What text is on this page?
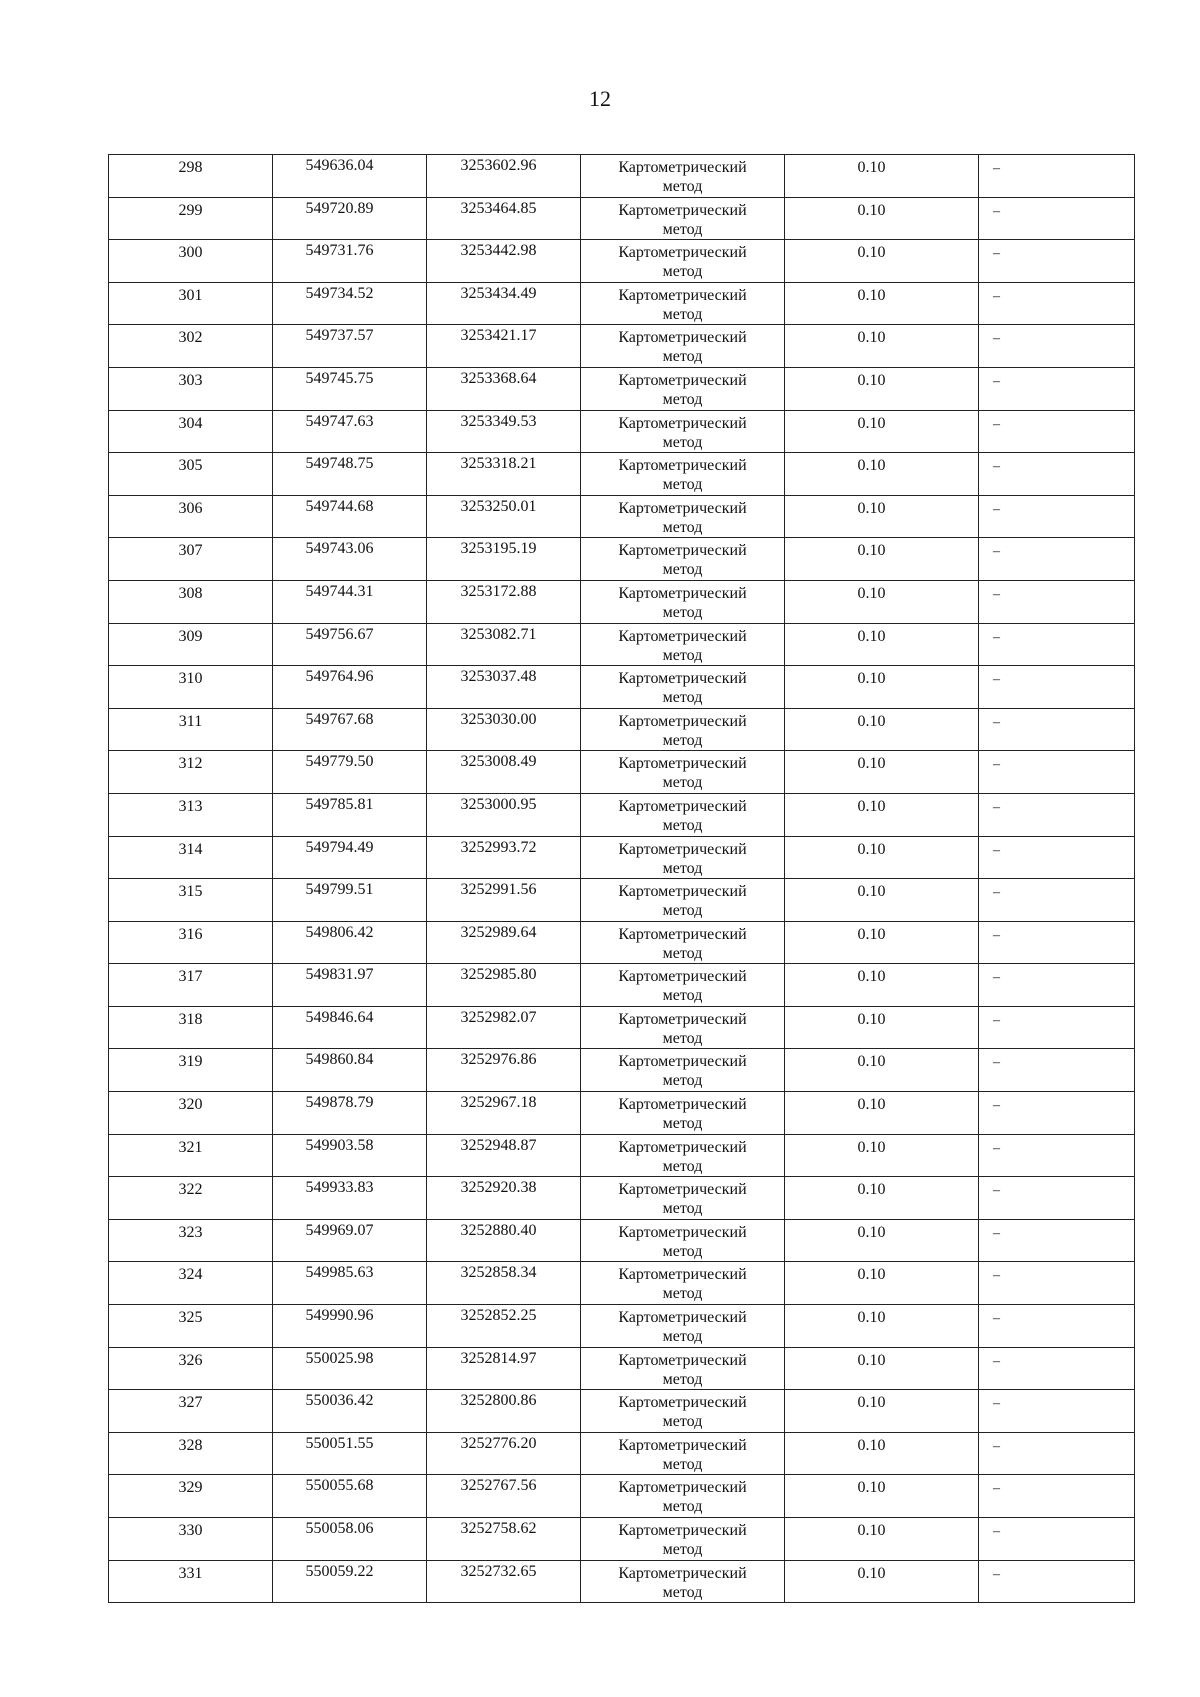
12
298	549636.04	3253602.96	Картометрический метод	0.10	–
299	549720.89	3253464.85	Картометрический метод	0.10	–
300	549731.76	3253442.98	Картометрический метод	0.10	–
301	549734.52	3253434.49	Картометрический метод	0.10	–
302	549737.57	3253421.17	Картометрический метод	0.10	–
303	549745.75	3253368.64	Картометрический метод	0.10	–
304	549747.63	3253349.53	Картометрический метод	0.10	–
305	549748.75	3253318.21	Картометрический метод	0.10	–
306	549744.68	3253250.01	Картометрический метод	0.10	–
307	549743.06	3253195.19	Картометрический метод	0.10	–
308	549744.31	3253172.88	Картометрический метод	0.10	–
309	549756.67	3253082.71	Картометрический метод	0.10	–
310	549764.96	3253037.48	Картометрический метод	0.10	–
311	549767.68	3253030.00	Картометрический метод	0.10	–
312	549779.50	3253008.49	Картометрический метод	0.10	–
313	549785.81	3253000.95	Картометрический метод	0.10	–
314	549794.49	3252993.72	Картометрический метод	0.10	–
315	549799.51	3252991.56	Картометрический метод	0.10	–
316	549806.42	3252989.64	Картометрический метод	0.10	–
317	549831.97	3252985.80	Картометрический метод	0.10	–
318	549846.64	3252982.07	Картометрический метод	0.10	–
319	549860.84	3252976.86	Картометрический метод	0.10	–
320	549878.79	3252967.18	Картометрический метод	0.10	–
321	549903.58	3252948.87	Картометрический метод	0.10	–
322	549933.83	3252920.38	Картометрический метод	0.10	–
323	549969.07	3252880.40	Картометрический метод	0.10	–
324	549985.63	3252858.34	Картометрический метод	0.10	–
325	549990.96	3252852.25	Картометрический метод	0.10	–
326	550025.98	3252814.97	Картометрический метод	0.10	–
327	550036.42	3252800.86	Картометрический метод	0.10	–
328	550051.55	3252776.20	Картометрический метод	0.10	–
329	550055.68	3252767.56	Картометрический метод	0.10	–
330	550058.06	3252758.62	Картометрический метод	0.10	–
331	550059.22	3252732.65	Картометрический метод	0.10	–
